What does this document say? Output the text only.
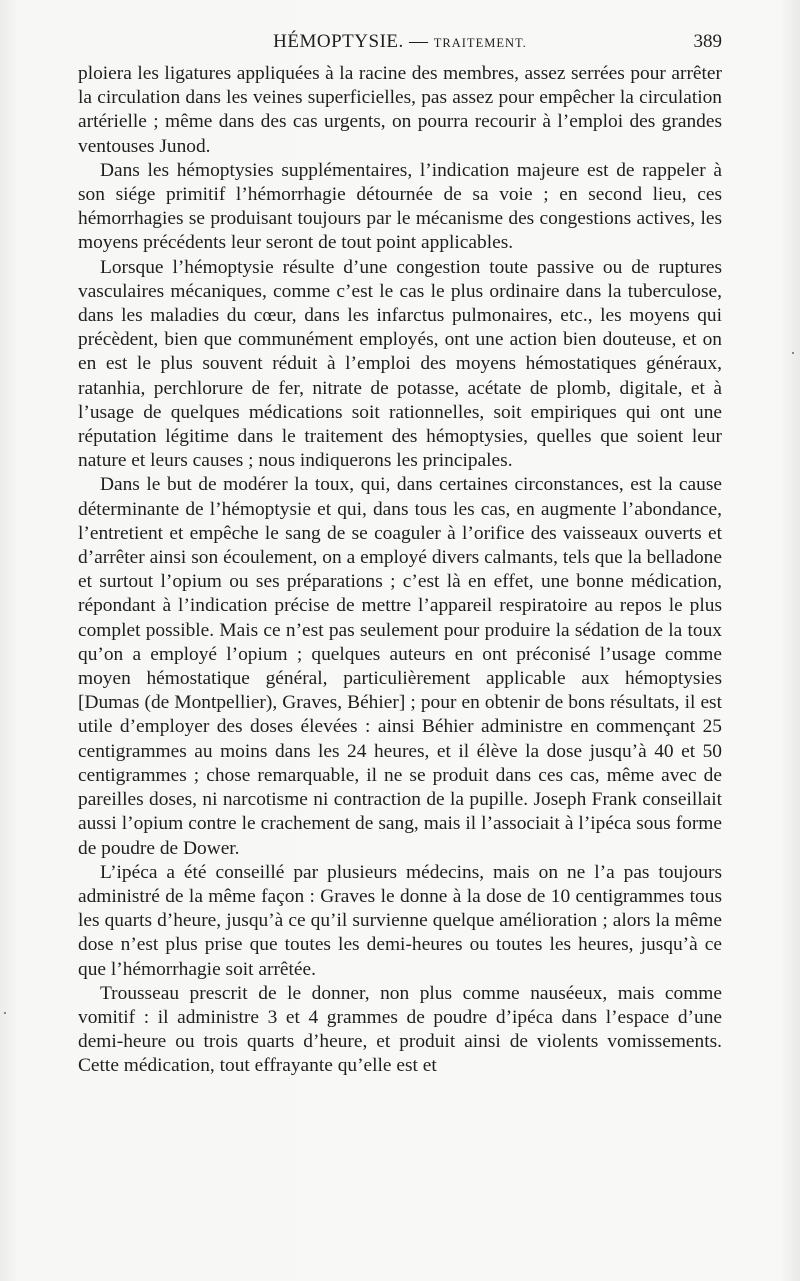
HÉMOPTYSIE. — TRAITEMENT.	389

ploiera les ligatures appliquées à la racine des membres, assez serrées pour arrêter la circulation dans les veines superficielles, pas assez pour empêcher la circulation artérielle ; même dans des cas urgents, on pourra recourir à l’emploi des grandes ventouses Junod.

Dans les hémoptysies supplémentaires, l’indication majeure est de rappeler à son siége primitif l’hémorrhagie détournée de sa voie ; en second lieu, ces hémorrhagies se produisant toujours par le mécanisme des congestions actives, les moyens précédents leur seront de tout point applicables.

Lorsque l’hémoptysie résulte d’une congestion toute passive ou de ruptures vasculaires mécaniques, comme c’est le cas le plus ordinaire dans la tuberculose, dans les maladies du cœur, dans les infarctus pulmonaires, etc., les moyens qui précèdent, bien que communément employés, ont une action bien douteuse, et on en est le plus souvent réduit à l’emploi des moyens hémostatiques généraux, ratanhia, perchlorure de fer, nitrate de potasse, acétate de plomb, digitale, et à l’usage de quelques médications soit rationnelles, soit empiriques qui ont une réputation légitime dans le traitement des hémoptysies, quelles que soient leur nature et leurs causes ; nous indiquerons les principales.

Dans le but de modérer la toux, qui, dans certaines circonstances, est la cause déterminante de l’hémoptysie et qui, dans tous les cas, en augmente l’abondance, l’entretient et empêche le sang de se coaguler à l’orifice des vaisseaux ouverts et d’arrêter ainsi son écoulement, on a employé divers calmants, tels que la belladone et surtout l’opium ou ses préparations ; c’est là en effet, une bonne médication, répondant à l’indication précise de mettre l’appareil respiratoire au repos le plus complet possible. Mais ce n’est pas seulement pour produire la sédation de la toux qu’on a employé l’opium ; quelques auteurs en ont préconisé l’usage comme moyen hémostatique général, particulièrement applicable aux hémoptysies [Dumas (de Montpellier), Graves, Béhier] ; pour en obtenir de bons résultats, il est utile d’employer des doses élevées : ainsi Béhier administre en commençant 25 centigrammes au moins dans les 24 heures, et il élève la dose jusqu’à 40 et 50 centigrammes ; chose remarquable, il ne se produit dans ces cas, même avec de pareilles doses, ni narcotisme ni contraction de la pupille. Joseph Frank conseillait aussi l’opium contre le crachement de sang, mais il l’associait à l’ipéca sous forme de poudre de Dower.

L’ipéca a été conseillé par plusieurs médecins, mais on ne l’a pas toujours administré de la même façon : Graves le donne à la dose de 10 centigrammes tous les quarts d’heure, jusqu’à ce qu’il survienne quelque amélioration ; alors la même dose n’est plus prise que toutes les demi-heures ou toutes les heures, jusqu’à ce que l’hémorrhagie soit arrêtée.

Trousseau prescrit de le donner, non plus comme nauséeux, mais comme vomitif : il administre 3 et 4 grammes de poudre d’ipéca dans l’espace d’une demi-heure ou trois quarts d’heure, et produit ainsi de violents vomissements. Cette médication, tout effrayante qu’elle est et
